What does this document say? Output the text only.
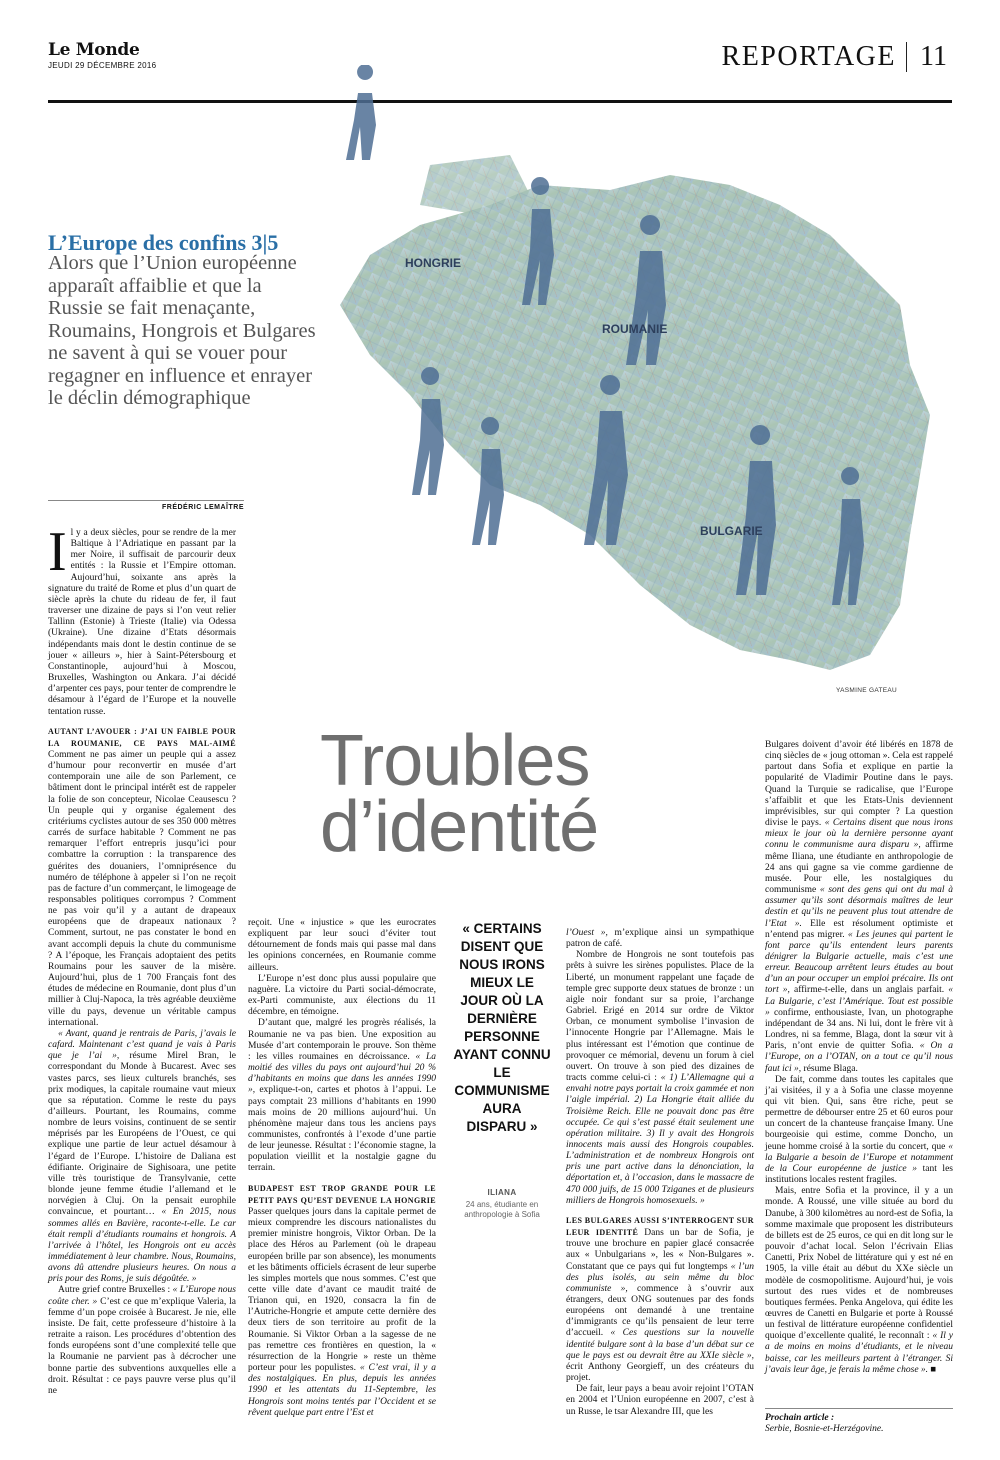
Le Monde
JEUDI 29 DÉCEMBRE 2016	REPORTAGE 11
HONGRIE
ROUMANIE
BULGARIE
YASMINE GATEAU
L’Europe des confins 3|5
Alors que l’Union européenne apparaît affaiblie et que la Russie se fait menaçante, Roumains, Hongrois et Bulgares ne savent à qui se vouer pour regagner en influence et enrayer le déclin démographique
FRÉDÉRIC LEMAÎTRE

Il y a deux siècles, pour se rendre de la mer Baltique à l’Adriatique en passant par la mer Noire, il suffisait de parcourir deux entités : la Russie et l’Empire ottoman. Aujourd’hui, soixante ans après la signature du traité de Rome et plus d’un quart de siècle après la chute du rideau de fer, il faut traverser une dizaine de pays si l’on veut relier Tallinn (Estonie) à Trieste (Italie) via Odessa (Ukraine). Une dizaine d’Etats désormais indépendants mais dont le destin continue de se jouer « ailleurs », hier à Saint-Pétersbourg et Constantinople, aujourd’hui à Moscou, Bruxelles, Washington ou Ankara. J’ai décidé d’arpenter ces pays, pour tenter de comprendre le désamour à l’égard de l’Europe et la nouvelle tentation russe.

AUTANT L’AVOUER : J’AI UN FAIBLE POUR LA ROUMANIE, CE PAYS MAL-AIMÉ Comment ne pas aimer un peuple qui a assez d’humour pour reconvertir en musée d’art contemporain une aile de son Parlement, ce bâtiment dont le principal intérêt est de rappeler la folie de son concepteur, Nicolae Ceausescu ? Un peuple qui y organise également des critériums cyclistes autour de ses 350 000 mètres carrés de surface habitable ? Comment ne pas remarquer l’effort entrepris jusqu’ici pour combattre la corruption : la transparence des guérites des douaniers, l’omniprésence du numéro de téléphone à appeler si l’on ne reçoit pas de facture d’un commerçant, le limogeage de responsables politiques corrompus ? Comment ne pas voir qu’il y a autant de drapeaux européens que de drapeaux nationaux ? Comment, surtout, ne pas constater le bond en avant accompli depuis la chute du communisme ? A l’époque, les Français adoptaient des petits Roumains pour les sauver de la misère. Aujourd’hui, plus de 1 700 Français font des études de médecine en Roumanie, dont plus d’un millier à Cluj-Napoca, la très agréable deuxième ville du pays, devenue un véritable campus international.

« Avant, quand je rentrais de Paris, j’avais le cafard. Maintenant c’est quand je vais à Paris que je l’ai », résume Mirel Bran, le correspondant du Monde à Bucarest. Avec ses vastes parcs, ses lieux culturels branchés, ses prix modiques, la capitale roumaine vaut mieux que sa réputation. Comme le reste du pays d’ailleurs. Pourtant, les Roumains, comme nombre de leurs voisins, continuent de se sentir méprisés par les Européens de l’Ouest, ce qui explique une partie de leur actuel désamour à l’égard de l’Europe. L’histoire de Daliana est édifiante. Originaire de Sighisoara, une petite ville très touristique de Transylvanie, cette blonde jeune femme étudie l’allemand et le norvégien à Cluj. On la pensait europhile convaincue, et pourtant… « En 2015, nous sommes allés en Bavière, raconte-t-elle. Le car était rempli d’étudiants roumains et hongrois. A l’arrivée à l’hôtel, les Hongrois ont eu accès immédiatement à leur chambre. Nous, Roumains, avons dû attendre plusieurs heures. On nous a pris pour des Roms, je suis dégoûtée. »

Autre grief contre Bruxelles : « L’Europe nous coûte cher. » C’est ce que m’explique Valeria, la femme d’un pope croisée à Bucarest. Je nie, elle insiste. De fait, cette professeure d’histoire à la retraite a raison. Les procédures d’obtention des fonds européens sont d’une complexité telle que la Roumanie ne parvient pas à décrocher une bonne partie des subventions auxquelles elle a droit. Résultat : ce pays pauvre verse plus qu’il ne

Troubles
d’identité

reçoit. Une « injustice » que les eurocrates expliquent par leur souci d’éviter tout détournement de fonds mais qui passe mal dans les opinions concernées, en Roumanie comme ailleurs.

L’Europe n’est donc plus aussi populaire que naguère. La victoire du Parti social-démocrate, ex-Parti communiste, aux élections du 11 décembre, en témoigne.

D’autant que, malgré les progrès réalisés, la Roumanie ne va pas bien. Une exposition au Musée d’art contemporain le prouve. Son thème : les villes roumaines en décroissance. « La moitié des villes du pays ont aujourd’hui 20 % d’habitants en moins que dans les années 1990 », explique-t-on, cartes et photos à l’appui. Le pays comptait 23 millions d’habitants en 1990 mais moins de 20 millions aujourd’hui. Un phénomène majeur dans tous les anciens pays communistes, confrontés à l’exode d’une partie de leur jeunesse. Résultat : l’économie stagne, la population vieillit et la nostalgie gagne du terrain.

BUDAPEST EST TROP GRANDE POUR LE PETIT PAYS QU’EST DEVENUE LA HONGRIE Passer quelques jours dans la capitale permet de mieux comprendre les discours nationalistes du premier ministre hongrois, Viktor Orban. De la place des Héros au Parlement (où le drapeau européen brille par son absence), les monuments et les bâtiments officiels écrasent de leur superbe les simples mortels que nous sommes. C’est que cette ville date d’avant ce maudit traité de Trianon qui, en 1920, consacra la fin de l’Autriche-Hongrie et ampute cette dernière des deux tiers de son territoire au profit de la Roumanie. Si Viktor Orban a la sagesse de ne pas remettre ces frontières en question, la « résurrection de la Hongrie » reste un thème porteur pour les populistes. « C’est vrai, il y a des nostalgiques. En plus, depuis les années 1990 et les attentats du 11-Septembre, les Hongrois sont moins tentés par l’Occident et se rêvent quelque part entre l’Est et

« CERTAINS DISENT QUE NOUS IRONS MIEUX LE JOUR OÙ LA DERNIÈRE PERSONNE AYANT CONNU LE COMMUNISME AURA DISPARU »
ILIANA
24 ans, étudiante en anthropologie à Sofia

l’Ouest », m’explique ainsi un sympathique patron de café.

Nombre de Hongrois ne sont toutefois pas prêts à suivre les sirènes populistes. Place de la Liberté, un monument rappelant une façade de temple grec supporte deux statues de bronze : un aigle noir fondant sur sa proie, l’archange Gabriel. Erigé en 2014 sur ordre de Viktor Orban, ce monument symbolise l’invasion de l’innocente Hongrie par l’Allemagne. Mais le plus intéressant est l’émotion que continue de provoquer ce mémorial, devenu un forum à ciel ouvert. On trouve à son pied des dizaines de tracts comme celui-ci : « 1) L’Allemagne qui a envahi notre pays portait la croix gammée et non l’aigle impérial. 2) La Hongrie était alliée du Troisième Reich. Elle ne pouvait donc pas être occupée. Ce qui s’est passé était seulement une opération militaire. 3) Il y avait des Hongrois innocents mais aussi des Hongrois coupables. L’administration et de nombreux Hongrois ont pris une part active dans la dénonciation, la déportation et, à l’occasion, dans le massacre de 470 000 juifs, de 15 000 Tziganes et de plusieurs milliers de Hongrois homosexuels. »

LES BULGARES AUSSI S’INTERROGENT SUR LEUR IDENTITÉ Dans un bar de Sofia, je trouve une brochure en papier glacé consacrée aux « Unbulgarians », les « Non-Bulgares ». Constatant que ce pays qui fut longtemps « l’un des plus isolés, au sein même du bloc communiste », commence à s’ouvrir aux étrangers, deux ONG soutenues par des fonds européens ont demandé à une trentaine d’immigrants ce qu’ils pensaient de leur terre d’accueil. « Ces questions sur la nouvelle identité bulgare sont à la base d’un débat sur ce que le pays est ou devrait être au XXIe siècle », écrit Anthony Georgieff, un des créateurs du projet.

De fait, leur pays a beau avoir rejoint l’OTAN en 2004 et l’Union européenne en 2007, c’est à un Russe, le tsar Alexandre III, que les

Bulgares doivent d’avoir été libérés en 1878 de cinq siècles de « joug ottoman ». Cela est rappelé partout dans Sofia et explique en partie la popularité de Vladimir Poutine dans le pays. Quand la Turquie se radicalise, que l’Europe s’affaiblit et que les Etats-Unis deviennent imprévisibles, sur qui compter ? La question divise le pays. « Certains disent que nous irons mieux le jour où la dernière personne ayant connu le communisme aura disparu », affirme même Iliana, une étudiante en anthropologie de 24 ans qui gagne sa vie comme gardienne de musée. Pour elle, les nostalgiques du communisme « sont des gens qui ont du mal à assumer qu’ils sont désormais maîtres de leur destin et qu’ils ne peuvent plus tout attendre de l’Etat ». Elle est résolument optimiste et n’entend pas migrer. « Les jeunes qui partent le font parce qu’ils entendent leurs parents dénigrer la Bulgarie actuelle, mais c’est une erreur. Beaucoup arrêtent leurs études au bout d’un an pour occuper un emploi précaire. Ils ont tort », affirme-t-elle, dans un anglais parfait. « La Bulgarie, c’est l’Amérique. Tout est possible » confirme, enthousiaste, Ivan, un photographe indépendant de 34 ans. Ni lui, dont le frère vit à Londres, ni sa femme, Blaga, dont la sœur vit à Paris, n’ont envie de quitter Sofia. « On a l’Europe, on a l’OTAN, on a tout ce qu’il nous faut ici », résume Blaga.

De fait, comme dans toutes les capitales que j’ai visitées, il y a à Sofia une classe moyenne qui vit bien. Qui, sans être riche, peut se permettre de débourser entre 25 et 60 euros pour un concert de la chanteuse française Imany. Une bourgeoisie qui estime, comme Doncho, un jeune homme croisé à la sortie du concert, que « la Bulgarie a besoin de l’Europe et notamment de la Cour européenne de justice » tant les institutions locales restent fragiles.

Mais, entre Sofia et la province, il y a un monde. A Roussé, une ville située au bord du Danube, à 300 kilomètres au nord-est de Sofia, la somme maximale que proposent les distributeurs de billets est de 25 euros, ce qui en dit long sur le pouvoir d’achat local. Selon l’écrivain Elias Canetti, Prix Nobel de littérature qui y est né en 1905, la ville était au début du XXe siècle un modèle de cosmopolitisme. Aujourd’hui, je vois surtout des rues vides et de nombreuses boutiques fermées. Penka Angelova, qui édite les œuvres de Canetti en Bulgarie et porte à Roussé un festival de littérature européenne confidentiel quoique d’excellente qualité, le reconnaît : « Il y a de moins en moins d’étudiants, et le niveau baisse, car les meilleurs partent à l’étranger. Si j’avais leur âge, je ferais la même chose ». ■

Prochain article :
Serbie, Bosnie-et-Herzégovine.
